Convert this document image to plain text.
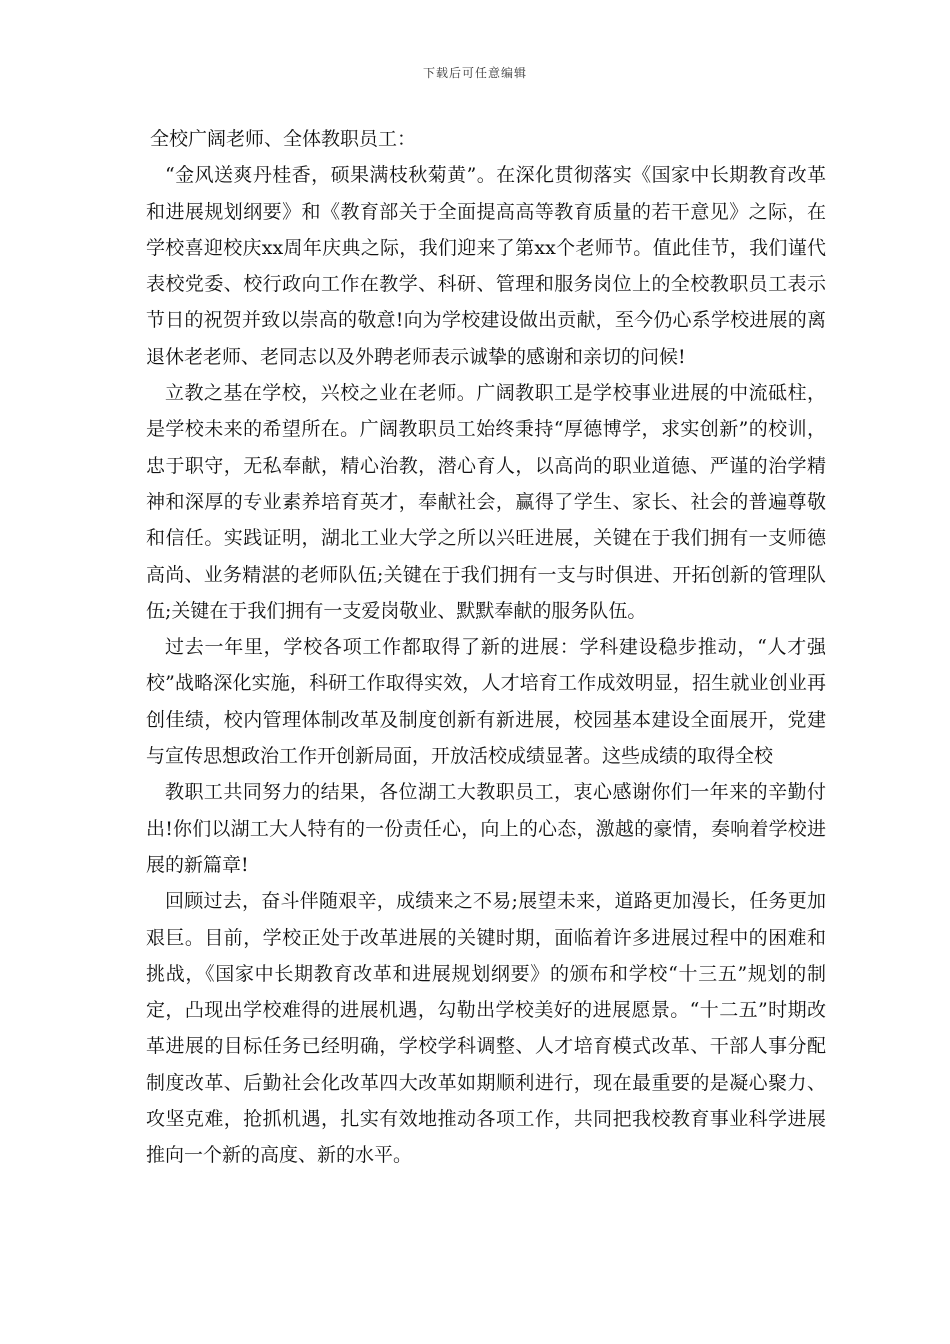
下载后可任意编辑

全校广阔老师、全体教职员工：

“金风送爽丹桂香，硕果满枝秋菊黄”。在深化贯彻落实《国家中长期教育改革和进展规划纲要》和《教育部关于全面提高高等教育质量的若干意见》之际，在学校喜迎校庆xx周年庆典之际，我们迎来了第xx个老师节。值此佳节，我们谨代表校党委、校行政向工作在教学、科研、管理和服务岗位上的全校教职员工表示节日的祝贺并致以崇高的敬意!向为学校建设做出贡献，至今仍心系学校进展的离退休老老师、老同志以及外聘老师表示诚挚的感谢和亲切的问候!

立教之基在学校，兴校之业在老师。广阔教职工是学校事业进展的中流砥柱，是学校未来的希望所在。广阔教职员工始终秉持“厚德博学，求实创新”的校训，忠于职守，无私奉献，精心治教，潜心育人，以高尚的职业道德、严谨的治学精神和深厚的专业素养培育英才，奉献社会，赢得了学生、家长、社会的普遍尊敬和信任。实践证明，湖北工业大学之所以兴旺进展，关键在于我们拥有一支师德高尚、业务精湛的老师队伍;关键在于我们拥有一支与时俱进、开拓创新的管理队伍;关键在于我们拥有一支爱岗敬业、默默奉献的服务队伍。

过去一年里，学校各项工作都取得了新的进展：学科建设稳步推动，“人才强校”战略深化实施，科研工作取得实效，人才培育工作成效明显，招生就业创业再创佳绩，校内管理体制改革及制度创新有新进展，校园基本建设全面展开，党建与宣传思想政治工作开创新局面，开放活校成绩显著。这些成绩的取得全校

教职工共同努力的结果，各位湖工大教职员工，衷心感谢你们一年来的辛勤付出!你们以湖工大人特有的一份责任心，向上的心态，激越的豪情，奏响着学校进展的新篇章!

回顾过去，奋斗伴随艰辛，成绩来之不易;展望未来，道路更加漫长，任务更加艰巨。目前，学校正处于改革进展的关键时期，面临着许多进展过程中的困难和挑战，《国家中长期教育改革和进展规划纲要》的颁布和学校“十三五”规划的制定，凸现出学校难得的进展机遇，勾勒出学校美好的进展愿景。“十二五”时期改革进展的目标任务已经明确，学校学科调整、人才培育模式改革、干部人事分配制度改革、后勤社会化改革四大改革如期顺利进行，现在最重要的是凝心聚力、攻坚克难，抢抓机遇，扎实有效地推动各项工作，共同把我校教育事业科学进展推向一个新的高度、新的水平。
